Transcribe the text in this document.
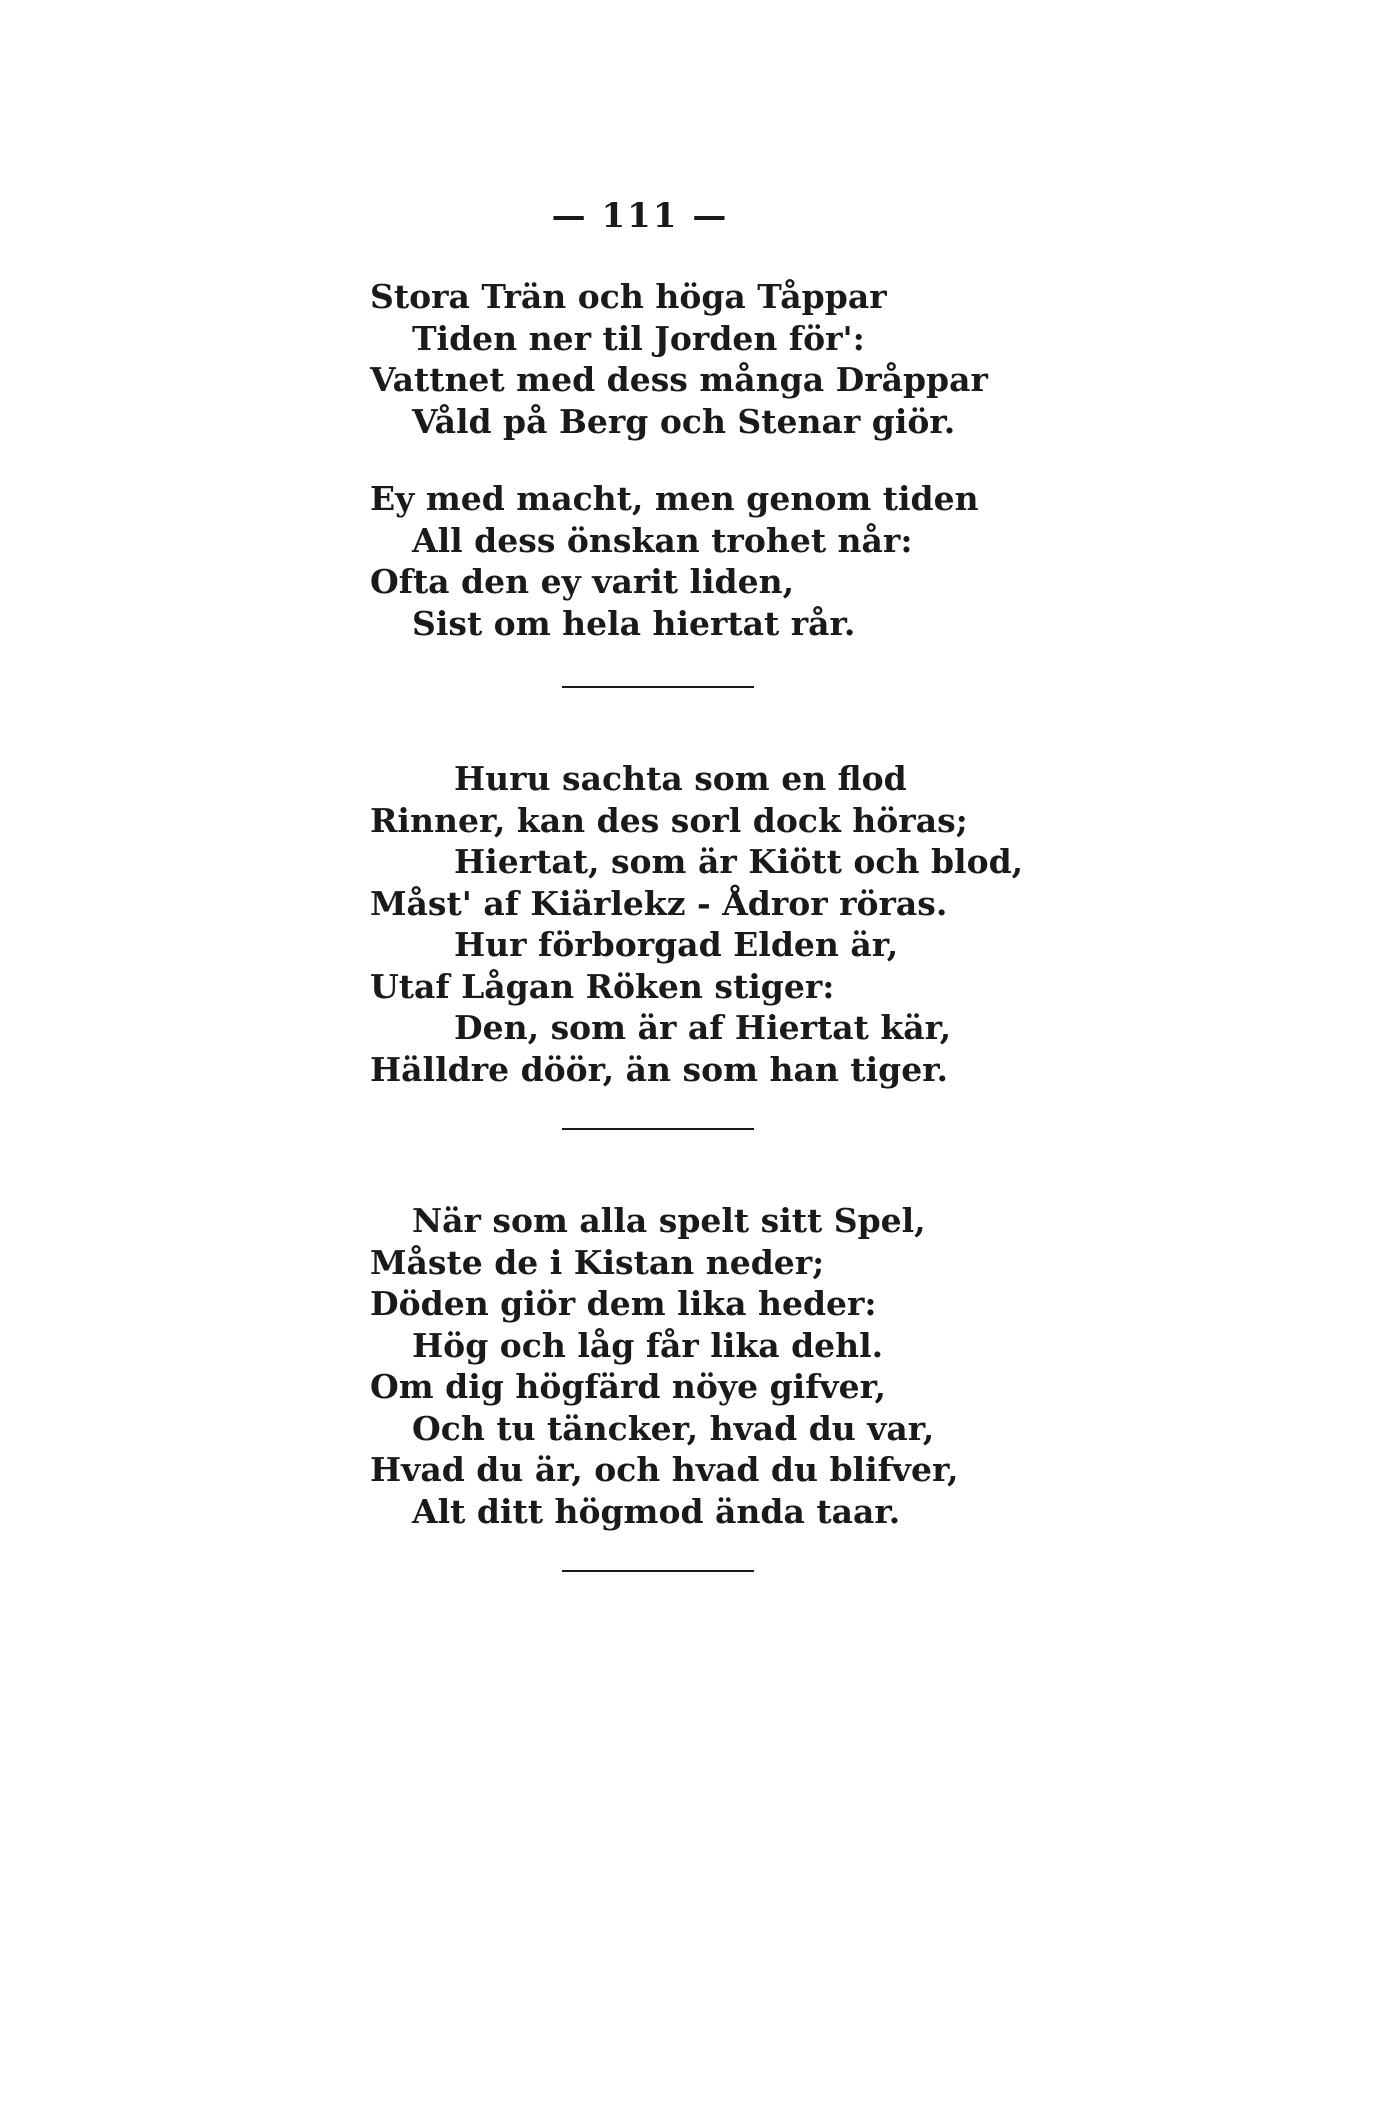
— 111 —
Stora Trän och höga Tåppar
Tiden ner til Jorden för':
Vattnet med dess många Dråppar
Våld på Berg och Stenar giör.
Ey med macht, men genom tiden
All dess önskan trohet når:
Ofta den ey varit liden,
Sist om hela hiertat rår.
Huru sachta som en flod
Rinner, kan des sorl dock höras;
Hiertat, som är Kiött och blod,
Måst' af Kiärlekz - Ådror röras.
Hur förborgad Elden är,
Utaf Lågan Röken stiger:
Den, som är af Hiertat kär,
Hälldre döör, än som han tiger.
När som alla spelt sitt Spel,
Måste de i Kistan neder;
Döden giör dem lika heder:
Hög och låg får lika dehl.
Om dig högfärd nöye gifver,
Och tu täncker, hvad du var,
Hvad du är, och hvad du blifver,
Alt ditt högmod ända taar.
